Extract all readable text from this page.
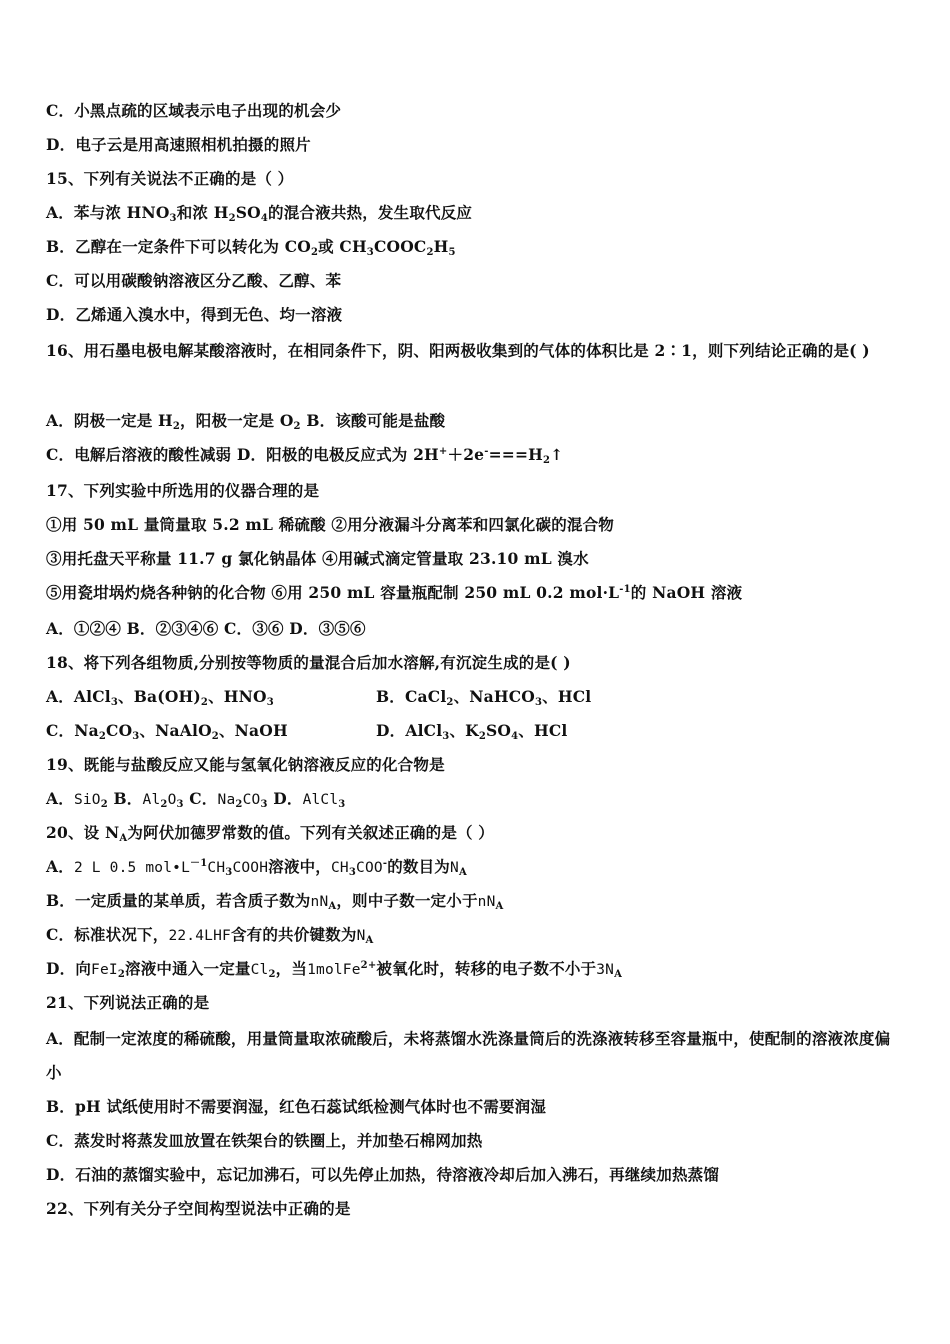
C．小黑点疏的区域表示电子出现的机会少
D．电子云是用高速照相机拍摄的照片
15、下列有关说法不正确的是（ ）
A．苯与浓 $HNO_3$和浓 $H_2SO_4$的混合液共热，发生取代反应
B．乙醇在一定条件下可以转化为 $CO_2$或 $CH_3COOC_2H_5$
C．可以用碳酸钠溶液区分乙酸、乙醇、苯
D．乙烯通入溴水中，得到无色、均一溶液
16、用石墨电极电解某酸溶液时，在相同条件下，阴、阳两极收集到的气体的体积比是 2∶1，则下列结论正确的是( )
A．阴极一定是 $H_2$，阳极一定是 $O_2$ B．该酸可能是盐酸
C．电解后溶液的酸性减弱 D．阳极的电极反应式为 $2H^++2e^-===H_2↑$
17、下列实验中所选用的仪器合理的是
①用 50 mL 量筒量取 5.2 mL 稀硫酸 ②用分液漏斗分离苯和四氯化碳的混合物
③用托盘天平称量 11.7 g 氯化钠晶体 ④用碱式滴定管量取 23.10 mL 溴水
⑤用瓷坩埚灼烧各种钠的化合物 ⑥用 250 mL 容量瓶配制 250 mL 0.2 $mol\cdot L^{-1}$的 NaOH 溶液
A．①②④ B．②③④⑥ C．③⑥ D．③⑤⑥
18、将下列各组物质,分别按等物质的量混合后加水溶解,有沉淀生成的是( )
A．AlCl$_3$、$Ba(OH)_2$、$HNO_3$	B．CaCl$_2$、NaHCO$_3$、HCl
C．$Na_2CO_3$、NaAlO$_2$、NaOH	D．AlCl$_3$、$K_2SO_4$、HCl
19、既能与盐酸反应又能与氢氧化钠溶液反应的化合物是
A．SiO$_2$ B．$Al_2O_3$ C．$Na_2CO_3$ D．AlCl$_3$
20、设 $N_A$为阿伏加德罗常数的值。下列有关叙述正确的是（ ）
A．2 L 0.5 $mol•L^{-1}CH_3COOH$溶液中，$CH_3COO^-$的数目为$N_A$
B．一定质量的某单质，若含质子数为$nN_A$，则中子数一定小于$nN_A$
C．标准状况下，22.4LHF含有的共价键数为$N_A$
D．向FeI$_2$溶液中通入一定量$Cl_2$，当1molFe$^{2+}$被氧化时，转移的电子数不小于$3N_A$
21、下列说法正确的是
A．配制一定浓度的稀硫酸，用量筒量取浓硫酸后，未将蒸馏水洗涤量筒后的洗涤液转移至容量瓶中，使配制的溶液浓度偏小
B．pH 试纸使用时不需要润湿，红色石蕊试纸检测气体时也不需要润湿
C．蒸发时将蒸发皿放置在铁架台的铁圈上，并加垫石棉网加热
D．石油的蒸馏实验中，忘记加沸石，可以先停止加热，待溶液冷却后加入沸石，再继续加热蒸馏
22、下列有关分子空间构型说法中正确的是
